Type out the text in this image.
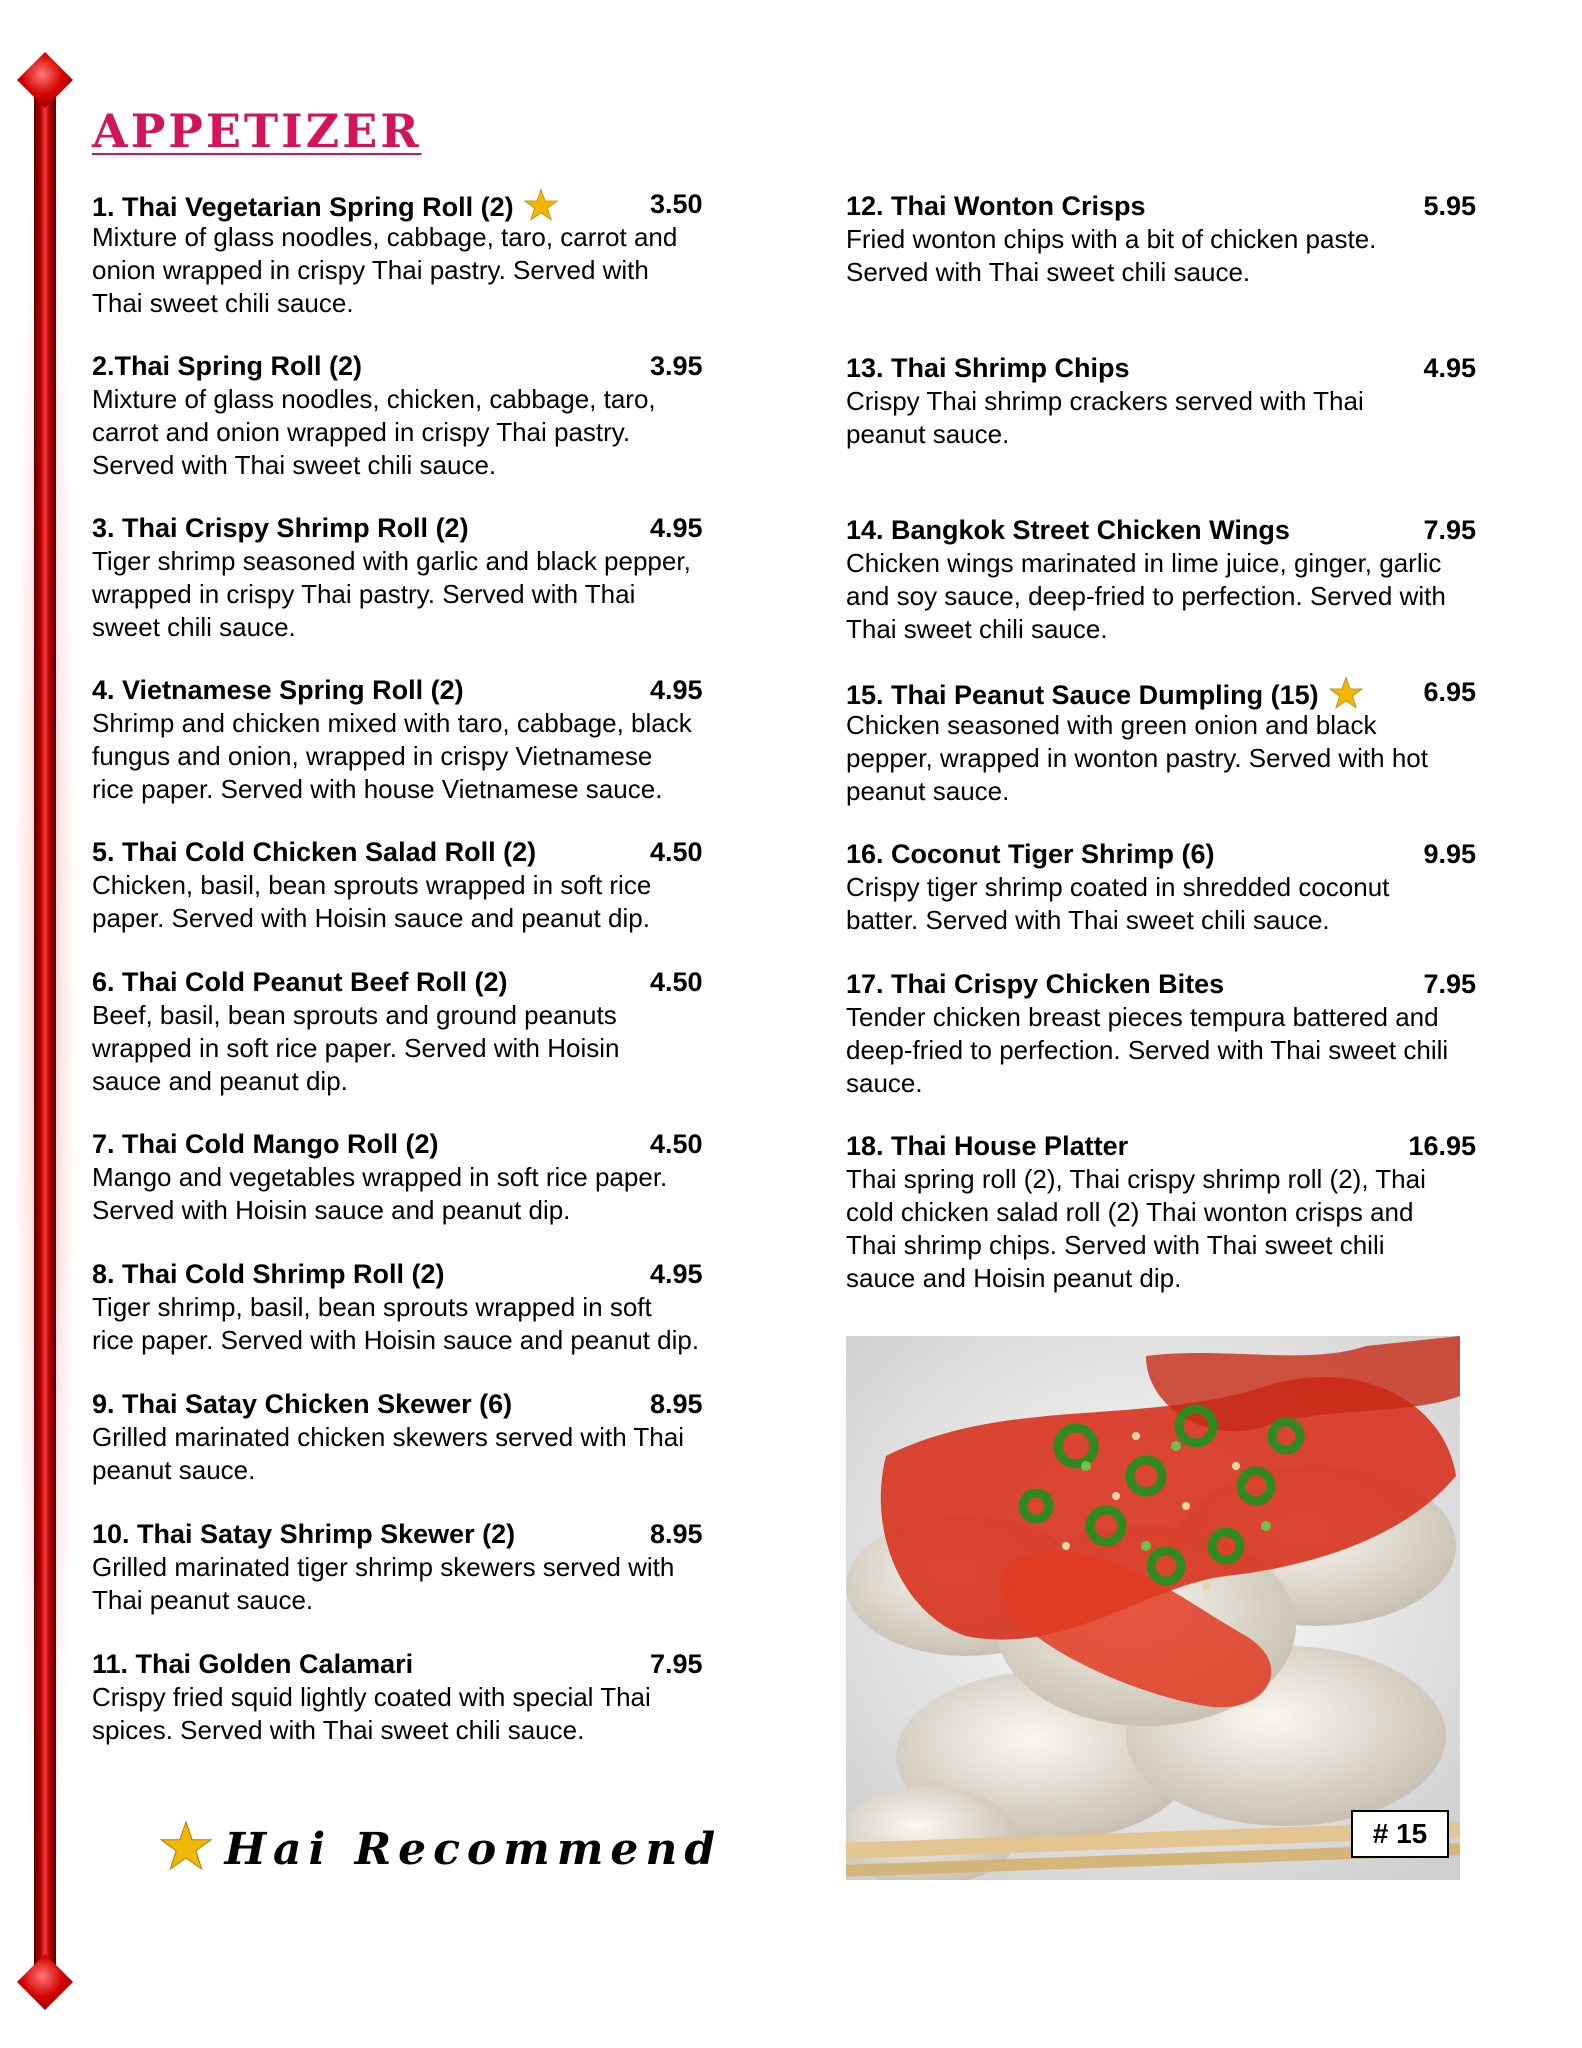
APPETIZER
1. Thai Vegetarian Spring Roll (2)	3.50
Mixture of glass noodles, cabbage, taro, carrot and
onion wrapped in crispy Thai pastry. Served with
Thai sweet chili sauce.
2.Thai Spring Roll (2)	3.95
Mixture of glass noodles, chicken, cabbage, taro,
carrot and onion wrapped in crispy Thai pastry.
Served with Thai sweet chili sauce.
3. Thai Crispy Shrimp Roll (2)	4.95
Tiger shrimp seasoned with garlic and black pepper,
wrapped in crispy Thai pastry. Served with Thai
sweet chili sauce.
4. Vietnamese Spring Roll (2)	4.95
Shrimp and chicken mixed with taro, cabbage, black
fungus and onion, wrapped in crispy Vietnamese
rice paper. Served with house Vietnamese sauce.
5. Thai Cold Chicken Salad Roll (2)	4.50
Chicken, basil, bean sprouts wrapped in soft rice
paper. Served with Hoisin sauce and peanut dip.
6. Thai Cold Peanut Beef Roll (2)	4.50
Beef, basil, bean sprouts and ground peanuts
wrapped in soft rice paper. Served with Hoisin
sauce and peanut dip.
7. Thai Cold Mango Roll (2)	4.50
Mango and vegetables wrapped in soft rice paper.
Served with Hoisin sauce and peanut dip.
8. Thai Cold Shrimp Roll (2)	4.95
Tiger shrimp, basil, bean sprouts wrapped in soft
rice paper. Served with Hoisin sauce and peanut dip.
9. Thai Satay Chicken Skewer (6)	8.95
Grilled marinated chicken skewers served with Thai
peanut sauce.
10. Thai Satay Shrimp Skewer (2)	8.95
Grilled marinated tiger shrimp skewers served with
Thai peanut sauce.
11. Thai Golden Calamari	7.95
Crispy fried squid lightly coated with special Thai
spices. Served with Thai sweet chili sauce.
12. Thai Wonton Crisps	5.95
Fried wonton chips with a bit of chicken paste.
Served with Thai sweet chili sauce.
13. Thai Shrimp Chips	4.95
Crispy Thai shrimp crackers served with Thai
peanut sauce.
14. Bangkok Street Chicken Wings	7.95
Chicken wings marinated in lime juice, ginger, garlic
and soy sauce, deep-fried to perfection. Served with
Thai sweet chili sauce.
15. Thai Peanut Sauce Dumpling (15)	6.95
Chicken seasoned with green onion and black
pepper, wrapped in wonton pastry. Served with hot
peanut sauce.
16. Coconut Tiger Shrimp (6)	9.95
Crispy tiger shrimp coated in shredded coconut
batter. Served with Thai sweet chili sauce.
17. Thai Crispy Chicken Bites	7.95
Tender chicken breast pieces tempura battered and
deep-fried to perfection. Served with Thai sweet chili
sauce.
18. Thai House Platter	16.95
Thai spring roll (2), Thai crispy shrimp roll (2), Thai
cold chicken salad roll (2) Thai wonton crisps and
Thai shrimp chips. Served with Thai sweet chili
sauce and Hoisin peanut dip.
Hai Recommend	# 15
